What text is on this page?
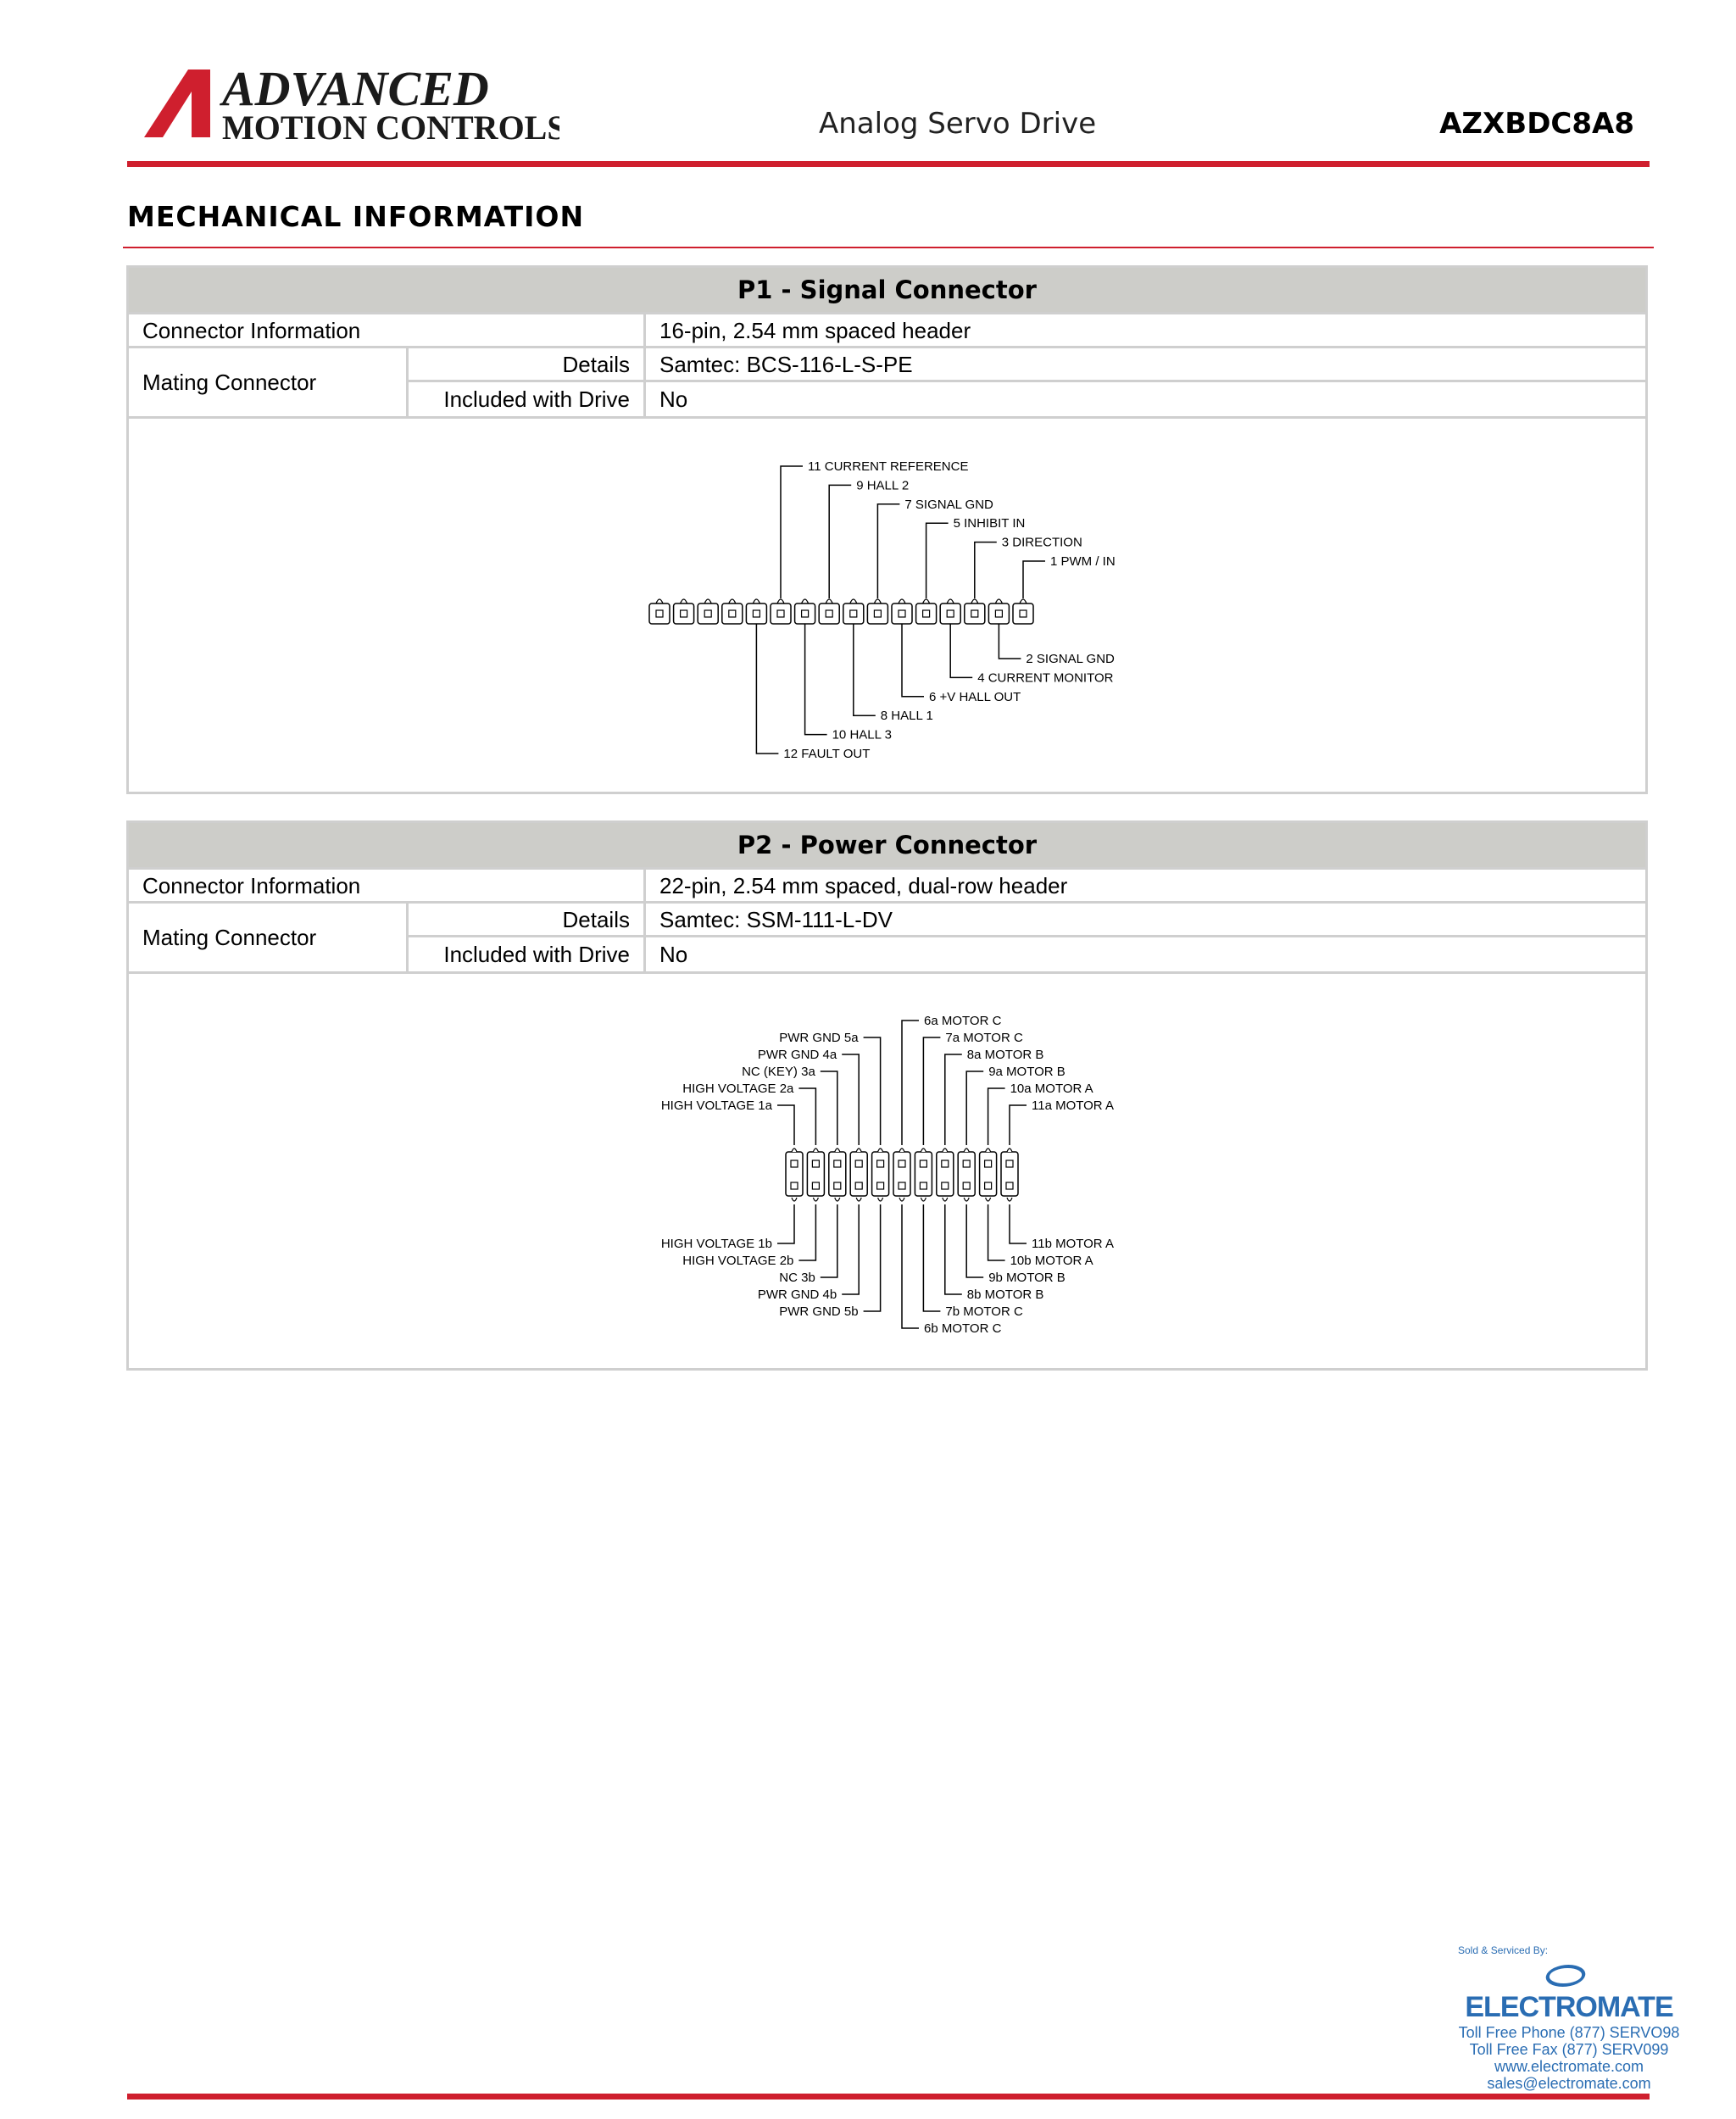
ADVANCED
MOTION CONTROLS	Analog Servo Drive	AZXBDC8A8
MECHANICAL INFORMATION
P1 - Signal Connector
Connector Information	16-pin, 2.54 mm spaced header
Mating Connector
Details	Samtec: BCS-116-L-S-PE
Included with Drive	No
11 CURRENT REFERENCE
9 HALL 2
7 SIGNAL GND
5 INHIBIT IN
3 DIRECTION
1 PWM / IN
2 SIGNAL GND
4 CURRENT MONITOR
6 +V HALL OUT
8 HALL 1
10 HALL 3
12 FAULT OUT
P2 - Power Connector
Connector Information	22-pin, 2.54 mm spaced, dual-row header
Mating Connector
Details	Samtec: SSM-111-L-DV
Included with Drive	No
PWR GND 5a
PWR GND 4a
NC (KEY) 3a
HIGH VOLTAGE 2a
HIGH VOLTAGE 1a
6a MOTOR C
7a MOTOR C
8a MOTOR B
9a MOTOR B
10a MOTOR A
11a MOTOR A
HIGH VOLTAGE 1b
HIGH VOLTAGE 2b
NC 3b
PWR GND 4b
PWR GND 5b
11b MOTOR A
10b MOTOR A
9b MOTOR B
8b MOTOR B
7b MOTOR C
6b MOTOR C
Sold & Serviced By:
ELECTROMATE
Toll Free Phone (877) SERVO98
Toll Free Fax (877) SERV099
www.electromate.com
sales@electromate.com
